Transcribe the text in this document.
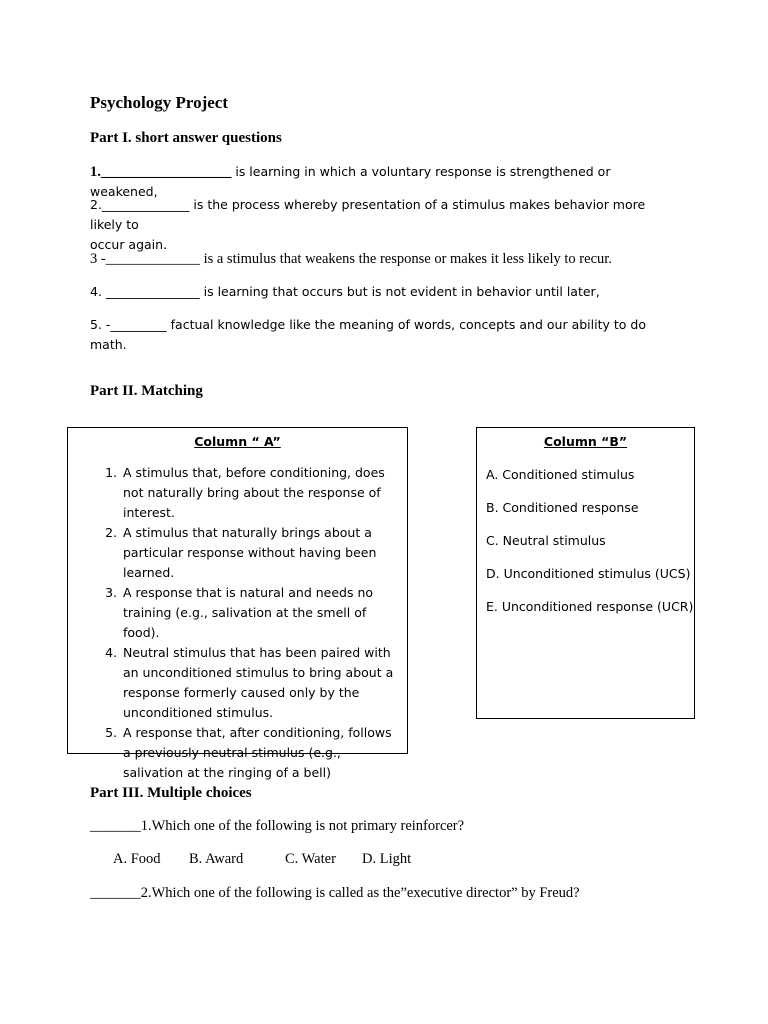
Psychology Project
Part I. short answer questions
1.__________________ is learning in which a voluntary response is strengthened or weakened,
2.______________ is the process whereby presentation of a stimulus makes behavior more likely to
occur again.
3 -_____________ is a stimulus that weakens the response or makes it less likely to recur.
4. _______________ is learning that occurs but is not evident in behavior until later,
5. -_________ factual knowledge like the meaning of words, concepts and our ability to do math.
Part II. Matching
Column “ A”
1. A stimulus that, before conditioning, does not naturally bring about the response of interest.
2. A stimulus that naturally brings about a particular response without having been learned.
3. A response that is natural and needs no training (e.g., salivation at the smell of food).
4. Neutral stimulus that has been paired with an unconditioned stimulus to bring about a response formerly caused only by the unconditioned stimulus.
5. A response that, after conditioning, follows a previously neutral stimulus (e.g., salivation at the ringing of a bell)
Column “B”
A. Conditioned stimulus
B. Conditioned response
C. Neutral stimulus
D. Unconditioned stimulus (UCS)
E. Unconditioned response (UCR)
Part III. Multiple choices
_______1.Which one of the following is not primary reinforcer?
A. Food B. Award	C. Water D. Light
_______2.Which one of the following is called as the”executive director” by Freud?
